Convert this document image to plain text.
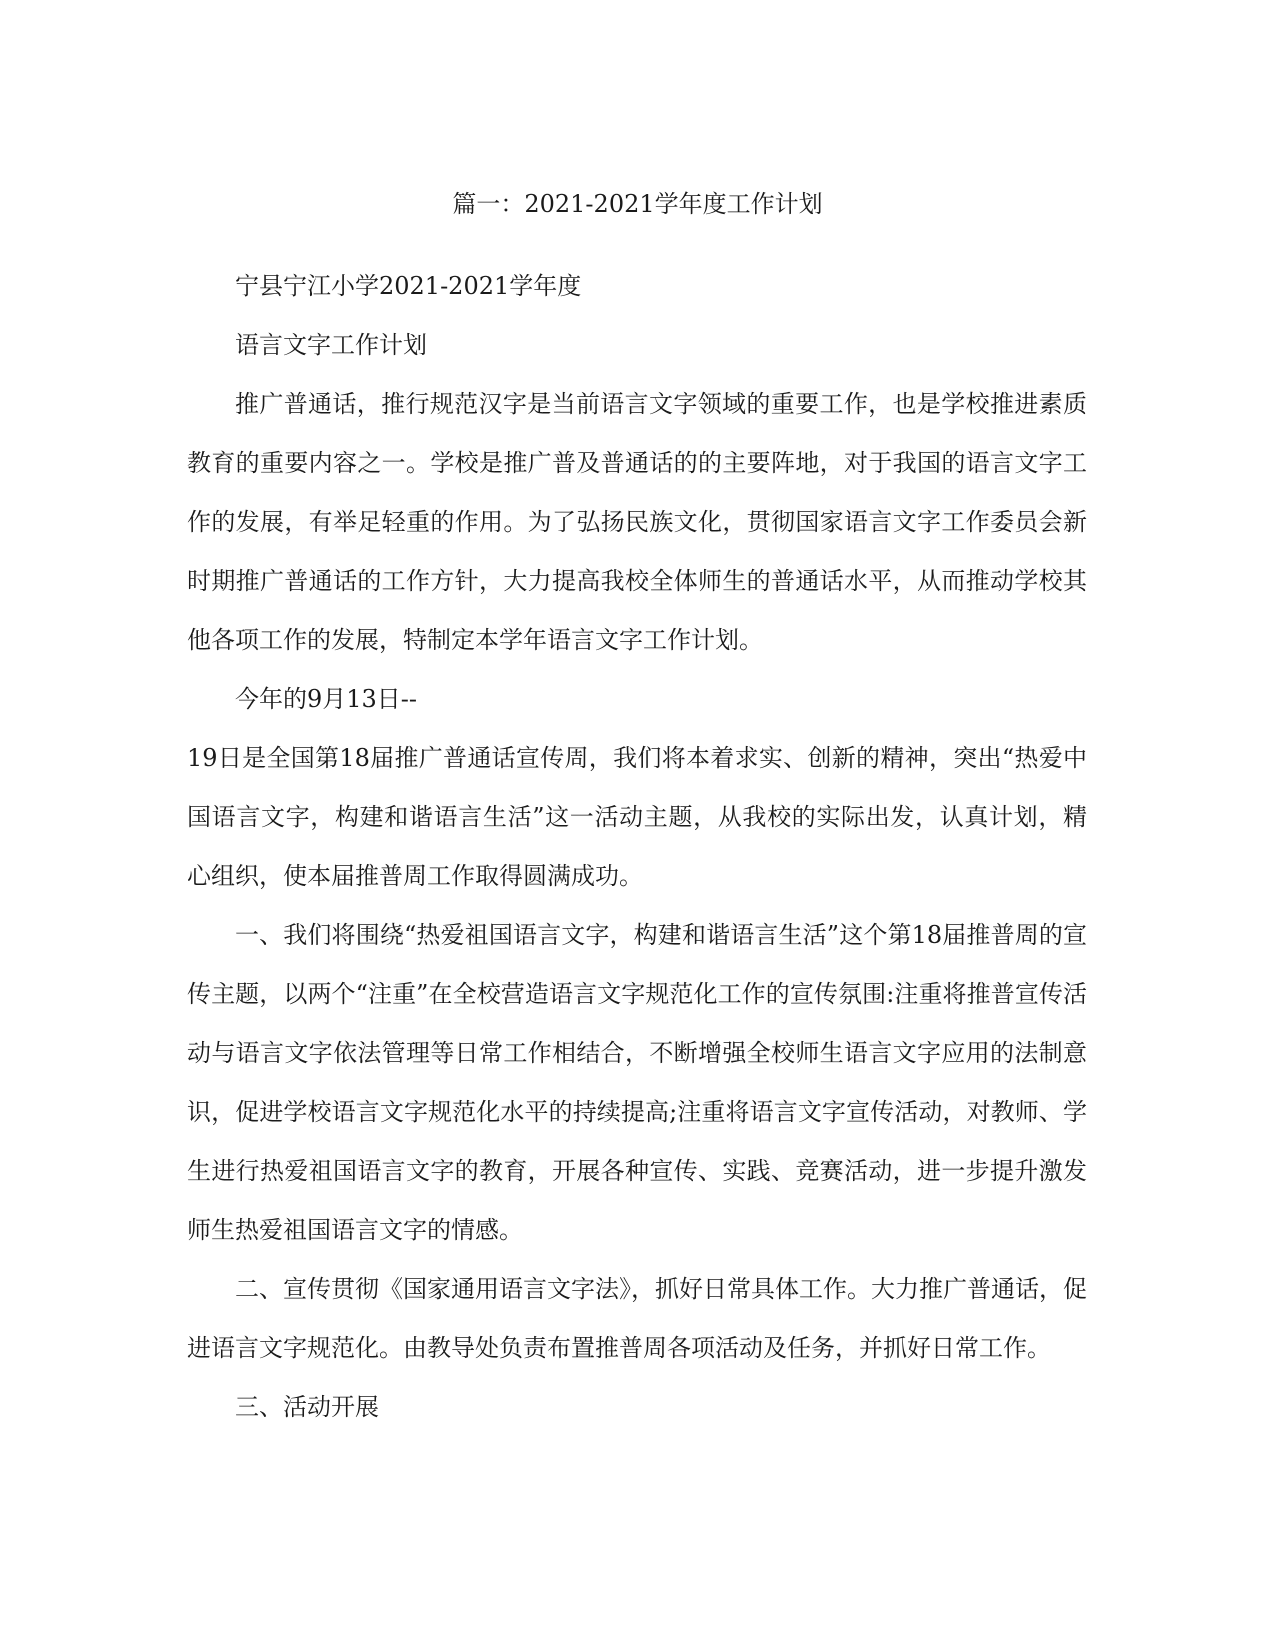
篇一：2021-2021学年度工作计划

宁县宁江小学2021-2021学年度

语言文字工作计划

推广普通话，推行规范汉字是当前语言文字领域的重要工作，也是学校推进素质教育的重要内容之一。学校是推广普及普通话的的主要阵地，对于我国的语言文字工作的发展，有举足轻重的作用。为了弘扬民族文化，贯彻国家语言文字工作委员会新时期推广普通话的工作方针，大力提高我校全体师生的普通话水平，从而推动学校其他各项工作的发展，特制定本学年语言文字工作计划。

今年的9月13日--

19日是全国第18届推广普通话宣传周，我们将本着求实、创新的精神，突出“热爱中国语言文字，构建和谐语言生活”这一活动主题，从我校的实际出发，认真计划，精心组织，使本届推普周工作取得圆满成功。

一、我们将围绕“热爱祖国语言文字，构建和谐语言生活”这个第18届推普周的宣传主题，以两个“注重”在全校营造语言文字规范化工作的宣传氛围:注重将推普宣传活动与语言文字依法管理等日常工作相结合，不断增强全校师生语言文字应用的法制意识，促进学校语言文字规范化水平的持续提高;注重将语言文字宣传活动，对教师、学生进行热爱祖国语言文字的教育，开展各种宣传、实践、竞赛活动，进一步提升激发师生热爱祖国语言文字的情感。

二、宣传贯彻《国家通用语言文字法》，抓好日常具体工作。大力推广普通话，促进语言文字规范化。由教导处负责布置推普周各项活动及任务，并抓好日常工作。

三、活动开展
